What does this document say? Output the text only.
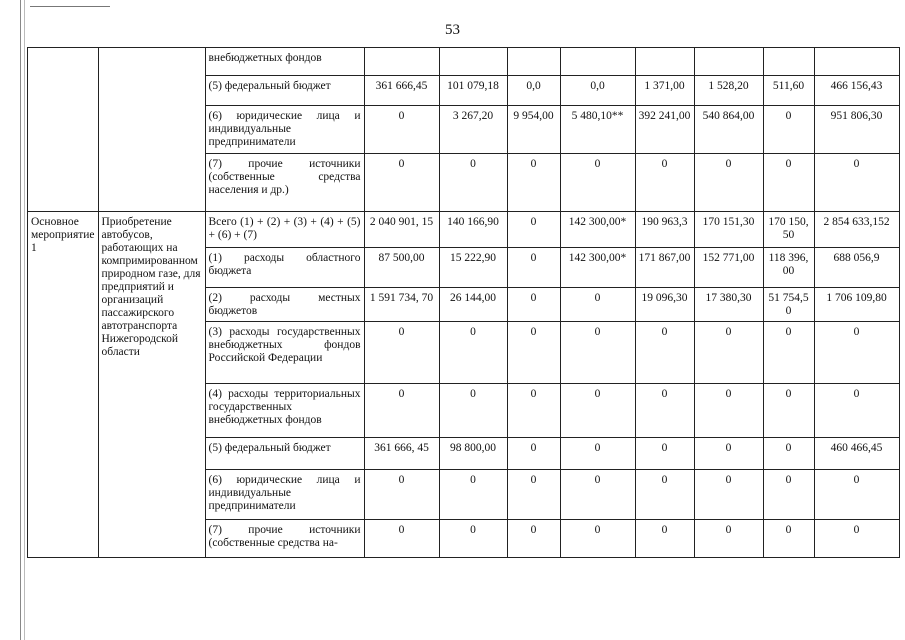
53
		внебюджетных фондов								
		(5) федеральный бюджет	361 666,45	101 079,18	0,0	0,0	1 371,00	1 528,20	511,60	466 156,43
		(6) юридические лица и индивидуальные предприниматели	0	3 267,20	9 954,00	5 480,10**	392 241,00	540 864,00	0	951 806,30
		(7) прочие источники (собственные средства населения и др.)	0	0	0	0	0	0	0	0
Основное мероприятие 1	Приобретение автобусов, работающих на компримированном природном газе, для предприятий и организаций пассажирского автотранспорта Нижегородской области	Всего (1) + (2) + (3) + (4) + (5) + (6) + (7)	2 040 901, 15	140 166,90	0	142 300,00*	190 963,3	170 151,30	170 150,50	2 854 633,152
		(1) расходы областного бюджета	87 500,00	15 222,90	0	142 300,00*	171 867,00	152 771,00	118 396,00	688 056,9
		(2) расходы местных бюджетов	1 591 734, 70	26 144,00	0	0	19 096,30	17 380,30	51 754,50	1 706 109,80
		(3) расходы государственных внебюджетных фондов Российской Федерации	0	0	0	0	0	0	0	0
		(4) расходы территориальных государственных внебюджетных фондов	0	0	0	0	0	0	0	0
		(5) федеральный бюджет	361 666, 45	98 800,00	0	0	0	0	0	460 466,45
		(6) юридические лица и индивидуальные предприниматели	0	0	0	0	0	0	0	0
		(7) прочие источники (собственные средства на-	0	0	0	0	0	0	0	0
